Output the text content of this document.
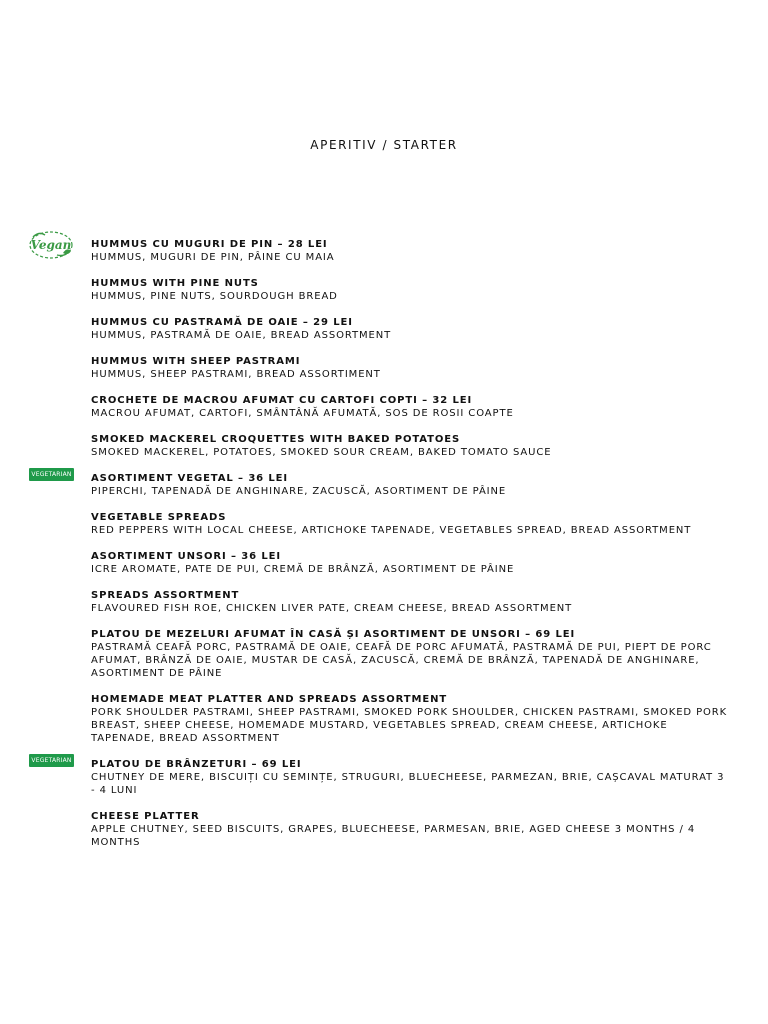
APERITIV / STARTER
Vegan HUMMUS CU MUGURI DE PIN – 28 LEI
HUMMUS, MUGURI DE PIN, PÂINE CU MAIA
HUMMUS WITH PINE NUTS
HUMMUS, PINE NUTS, SOURDOUGH BREAD
HUMMUS CU PASTRAMĂ DE OAIE – 29 LEI
HUMMUS, PASTRAMĂ DE OAIE, BREAD ASSORTMENT
HUMMUS WITH SHEEP PASTRAMI
HUMMUS, SHEEP PASTRAMI, BREAD ASSORTIMENT
CROCHETE DE MACROU AFUMAT CU CARTOFI COPTI – 32 LEI
MACROU AFUMAT, CARTOFI, SMÂNTÂNĂ AFUMATĂ, SOS DE ROSII COAPTE
SMOKED MACKEREL CROQUETTES WITH BAKED POTATOES
SMOKED MACKEREL, POTATOES, SMOKED SOUR CREAM, BAKED TOMATO SAUCE
VEGETARIAN ASORTIMENT VEGETAL – 36 LEI
PIPERCHI, TAPENADĂ DE ANGHINARE, ZACUSCĂ, ASORTIMENT DE PÂINE
VEGETABLE SPREADS
RED PEPPERS WITH LOCAL CHEESE, ARTICHOKE TAPENADE, VEGETABLES SPREAD, BREAD ASSORTMENT
ASORTIMENT UNSORI – 36 LEI
ICRE AROMATE, PATE DE PUI, CREMĂ DE BRÂNZĂ, ASORTIMENT DE PÂINE
SPREADS ASSORTMENT
FLAVOURED FISH ROE, CHICKEN LIVER PATE, CREAM CHEESE, BREAD ASSORTMENT
PLATOU DE MEZELURI AFUMAT ÎN CASĂ ȘI ASORTIMENT DE UNSORI – 69 LEI
PASTRAMĂ CEAFĂ PORC, PASTRAMĂ DE OAIE, CEAFĂ DE PORC AFUMATĂ, PASTRAMĂ DE PUI, PIEPT DE PORC AFUMAT, BRÂNZĂ DE OAIE, MUSTAR DE CASĂ, ZACUSCĂ, CREMĂ DE BRÂNZĂ, TAPENADĂ DE ANGHINARE, ASORTIMENT DE PÂINE
HOMEMADE MEAT PLATTER AND SPREADS ASSORTMENT
PORK SHOULDER PASTRAMI, SHEEP PASTRAMI, SMOKED PORK SHOULDER, CHICKEN PASTRAMI, SMOKED PORK BREAST, SHEEP CHEESE, HOMEMADE MUSTARD, VEGETABLES SPREAD, CREAM CHEESE, ARTICHOKE TAPENADE, BREAD ASSORTMENT
VEGETARIAN PLATOU DE BRÂNZETURI – 69 LEI
CHUTNEY DE MERE, BISCUIȚI CU SEMINȚE, STRUGURI, BLUECHEESE, PARMEZAN, BRIE, CAȘCAVAL MATURAT 3 - 4 LUNI
CHEESE PLATTER
APPLE CHUTNEY, SEED BISCUITS, GRAPES, BLUECHEESE, PARMESAN, BRIE, AGED CHEESE 3 MONTHS / 4 MONTHS
